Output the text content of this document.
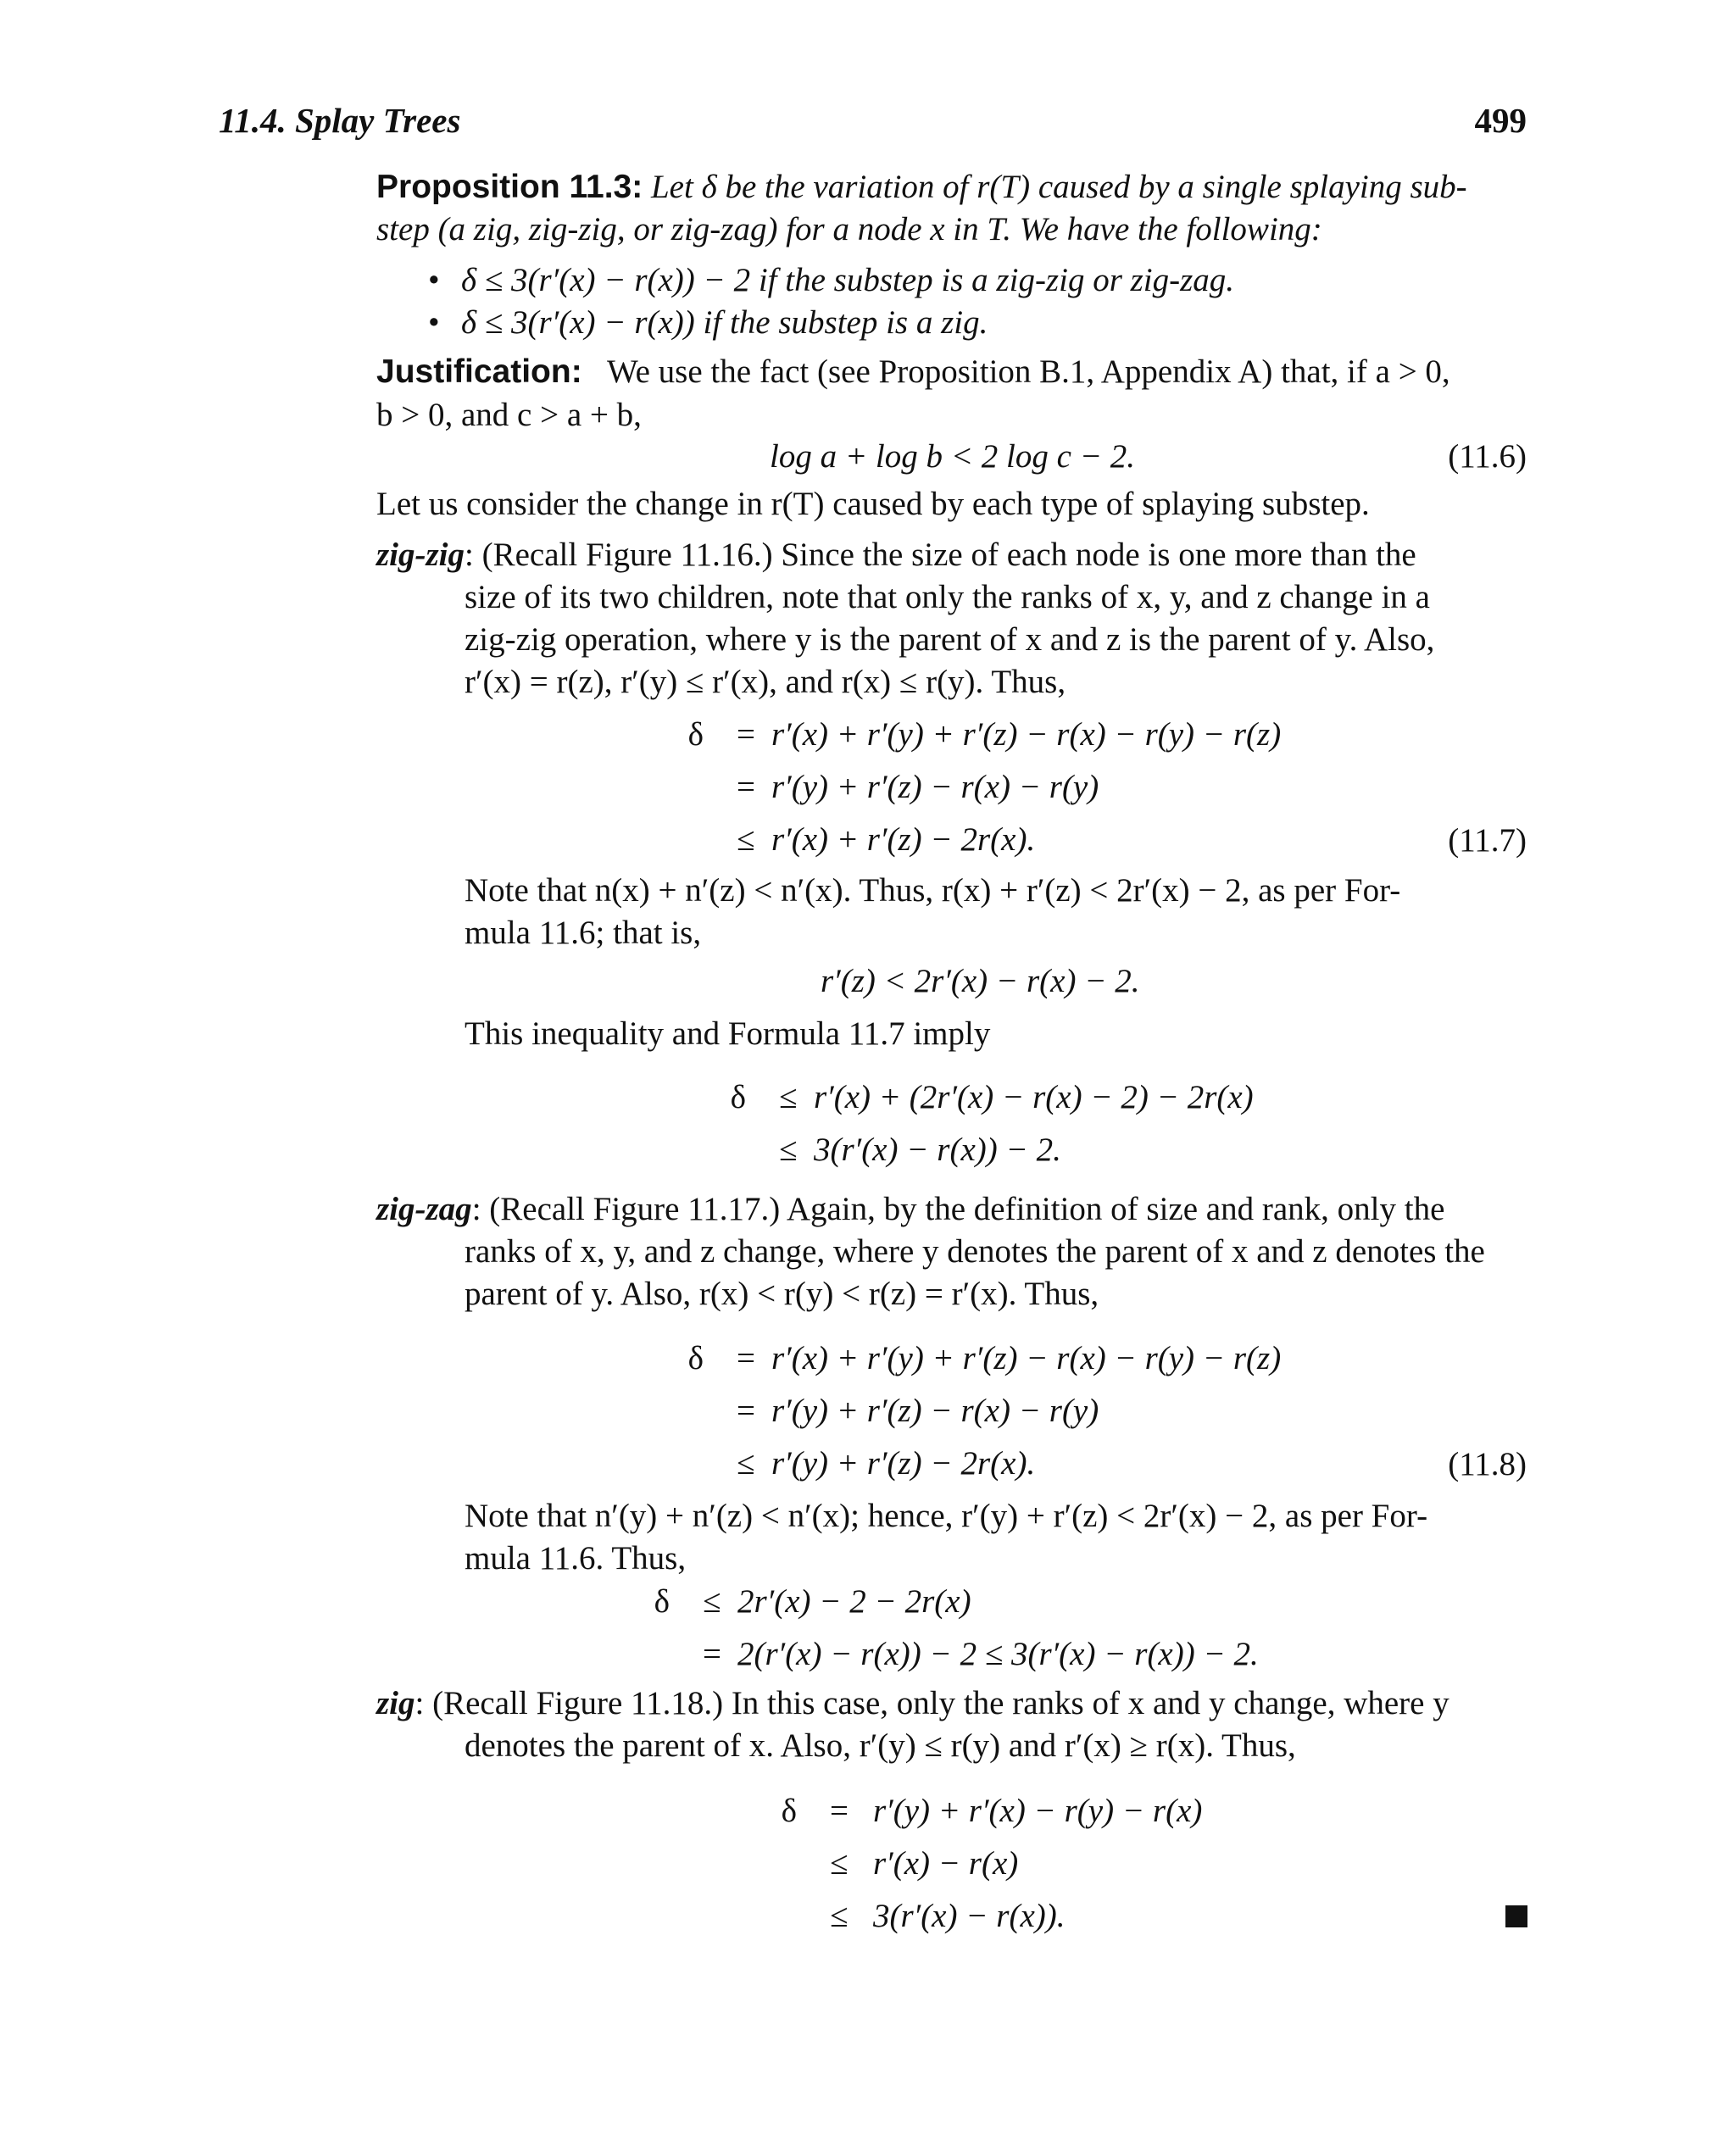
11.4. Splay Trees	499
Proposition 11.3: Let δ be the variation of r(T) caused by a single splaying sub-
step (a zig, zig-zig, or zig-zag) for a node x in T. We have the following:
• δ ≤ 3(r′(x) − r(x)) − 2 if the substep is a zig-zig or zig-zag.
• δ ≤ 3(r′(x) − r(x)) if the substep is a zig.
Justification: We use the fact (see Proposition B.1, Appendix A) that, if a > 0,
b > 0, and c > a + b,
log a + log b < 2 log c − 2.	(11.6)
Let us consider the change in r(T) caused by each type of splaying substep.
zig-zig: (Recall Figure 11.16.) Since the size of each node is one more than the
size of its two children, note that only the ranks of x, y, and z change in a
zig-zig operation, where y is the parent of x and z is the parent of y. Also,
r′(x) = r(z), r′(y) ≤ r′(x), and r(x) ≤ r(y). Thus,
δ	= r′(x) + r′(y) + r′(z) − r(x) − r(y) − r(z)
= r′(y) + r′(z) − r(x) − r(y)
≤ r′(x) + r′(z) − 2r(x).	(11.7)
Note that n(x) + n′(z) < n′(x). Thus, r(x) + r′(z) < 2r′(x) − 2, as per For-
mula 11.6; that is,
r′(z) < 2r′(x) − r(x) − 2.
This inequality and Formula 11.7 imply
δ	≤ r′(x) + (2r′(x) − r(x) − 2) − 2r(x)
≤ 3(r′(x) − r(x)) − 2.
zig-zag: (Recall Figure 11.17.) Again, by the definition of size and rank, only the
ranks of x, y, and z change, where y denotes the parent of x and z denotes the
parent of y. Also, r(x) < r(y) < r(z) = r′(x). Thus,
δ	= r′(x) + r′(y) + r′(z) − r(x) − r(y) − r(z)
= r′(y) + r′(z) − r(x) − r(y)
≤ r′(y) + r′(z) − 2r(x).	(11.8)
Note that n′(y) + n′(z) < n′(x); hence, r′(y) + r′(z) < 2r′(x) − 2, as per For-
mula 11.6. Thus,
δ	≤ 2r′(x) − 2 − 2r(x)
= 2(r′(x) − r(x)) − 2 ≤ 3(r′(x) − r(x)) − 2.
zig: (Recall Figure 11.18.) In this case, only the ranks of x and y change, where y
denotes the parent of x. Also, r′(y) ≤ r(y) and r′(x) ≥ r(x). Thus,
δ	= r′(y) + r′(x) − r(y) − r(x)
≤ r′(x) − r(x)
≤ 3(r′(x) − r(x)).
